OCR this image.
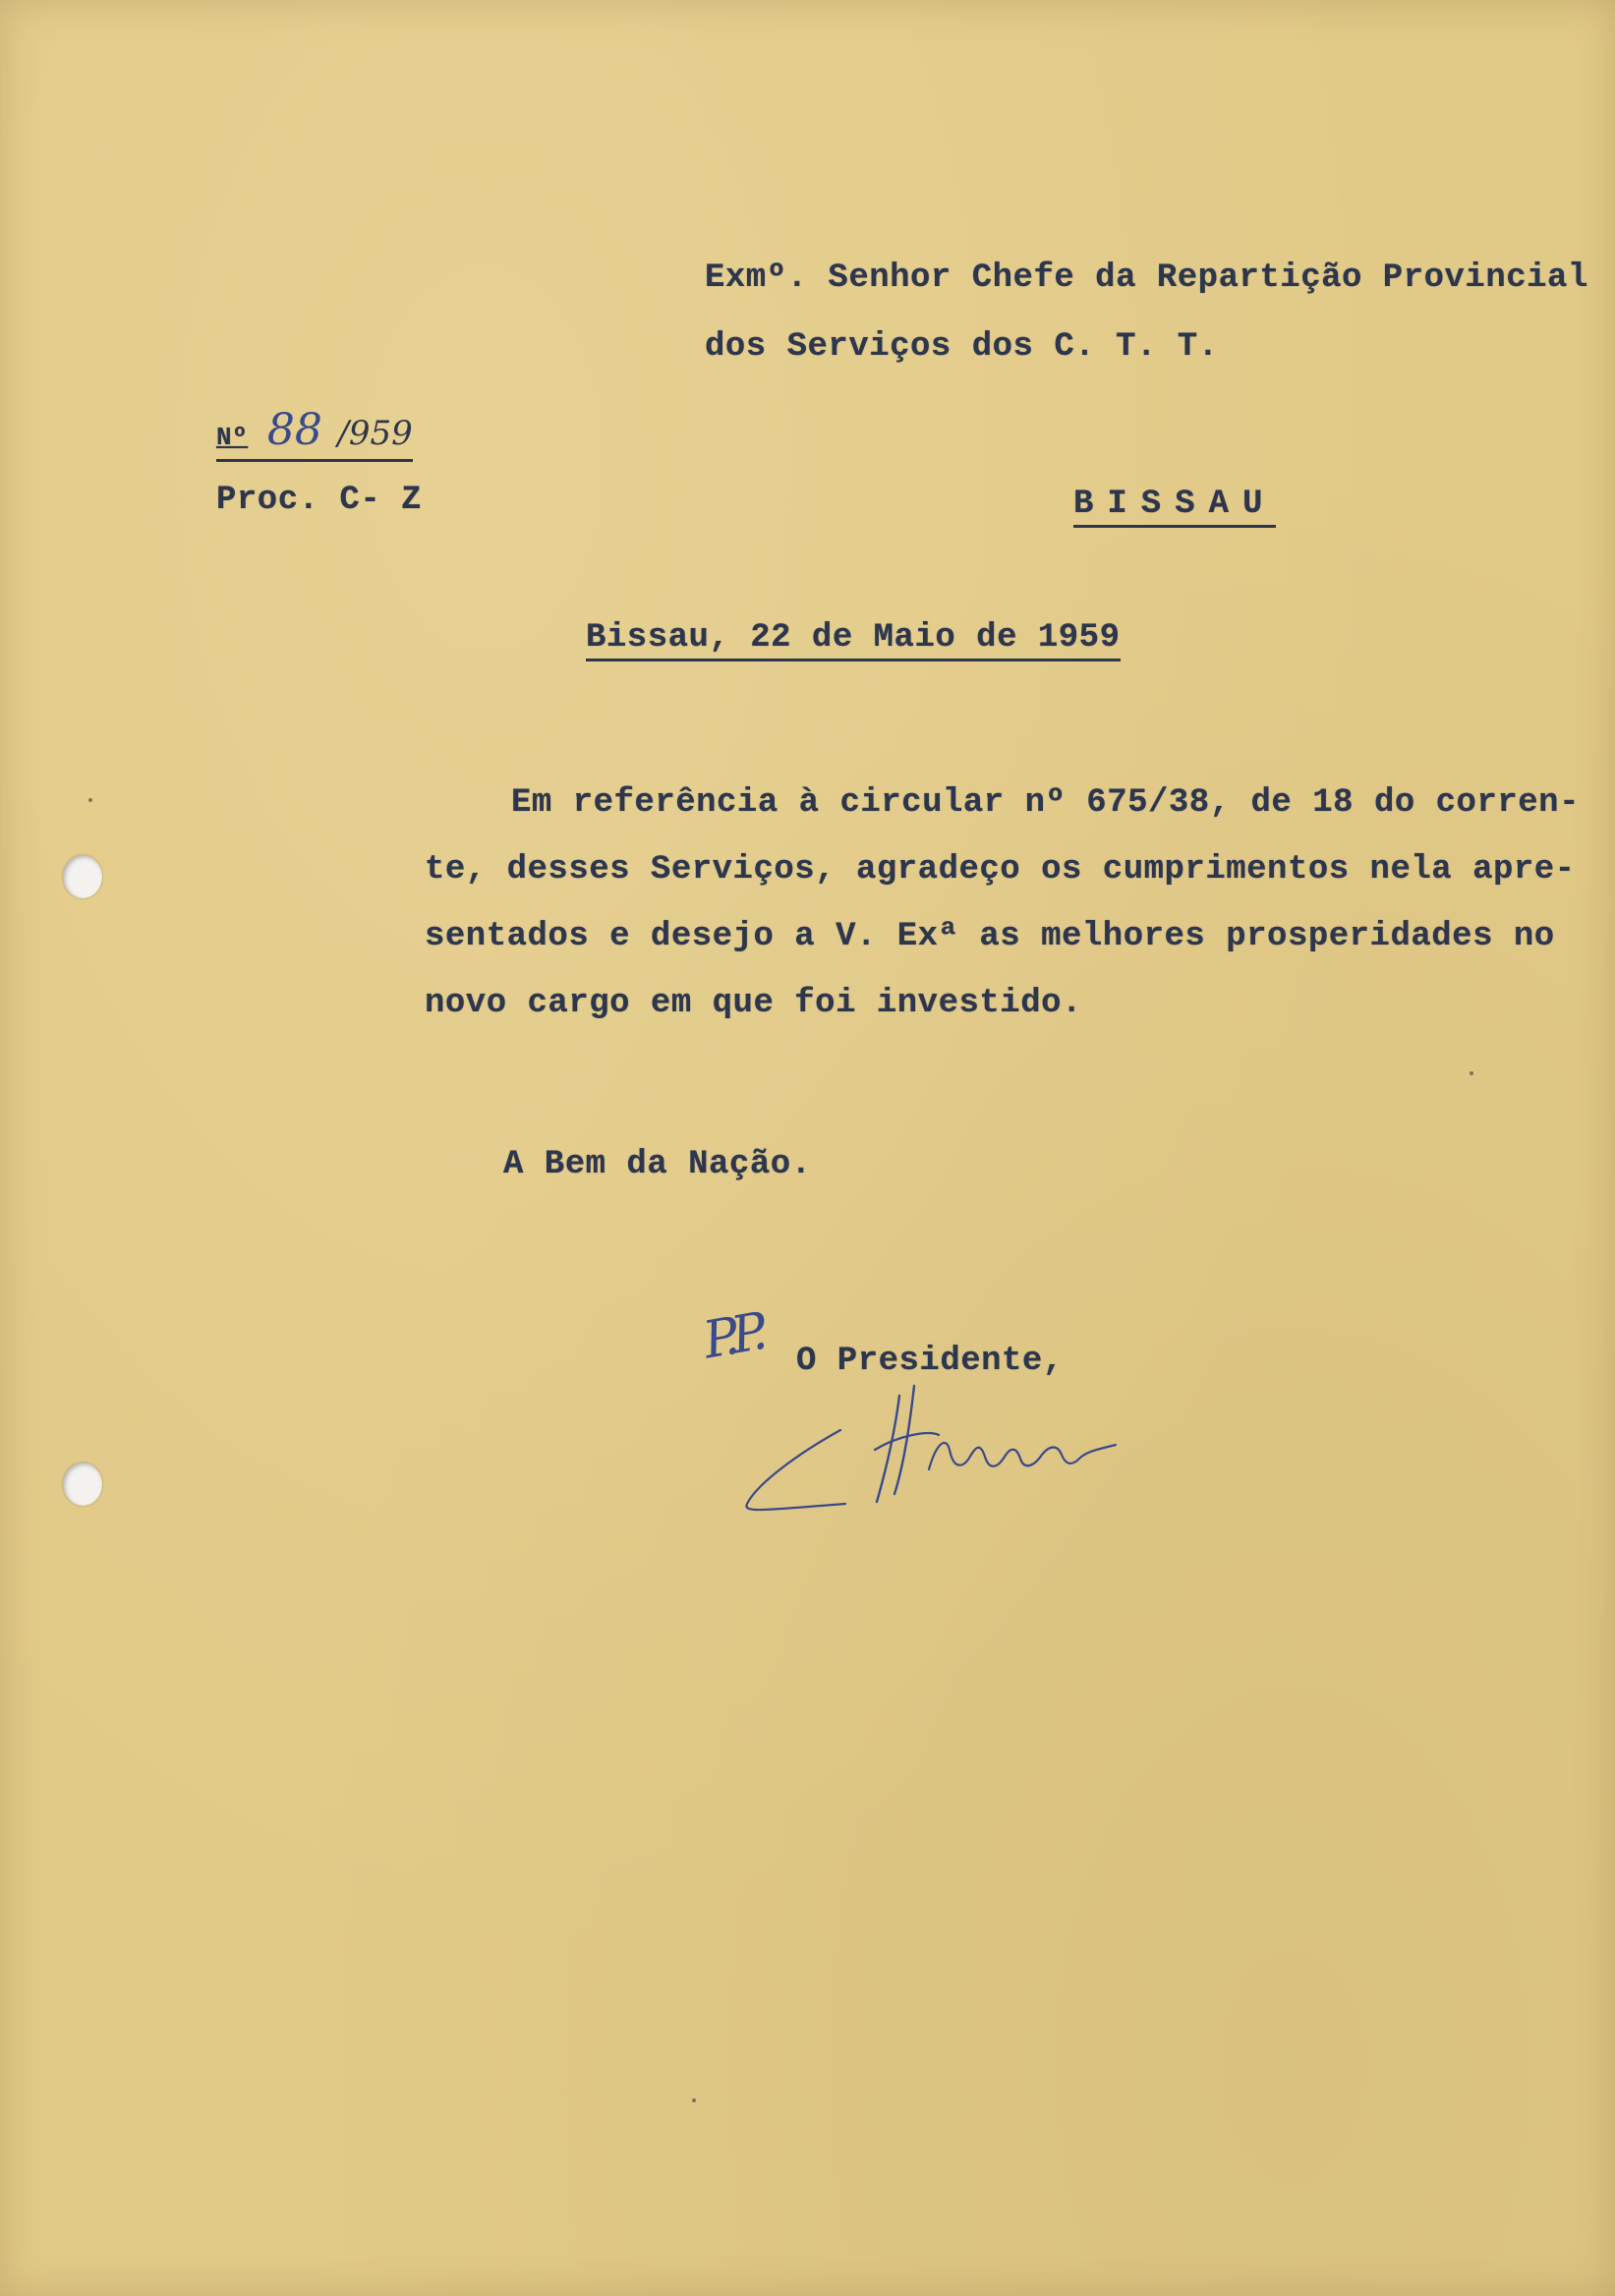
Exmº. Senhor Chefe da Repartição Provincial
dos Serviços dos C. T. T.
Nº 88 /959
Proc. C- Z	BISSAU
Bissau, 22 de Maio de 1959
Em referência à circular nº 675/38, de 18 do corren-
te, desses Serviços, agradeço os cumprimentos nela apre-
sentados e desejo a V. Exª as melhores prosperidades no
novo cargo em que foi investido.
A Bem da Nação.
P.P. O Presidente,
